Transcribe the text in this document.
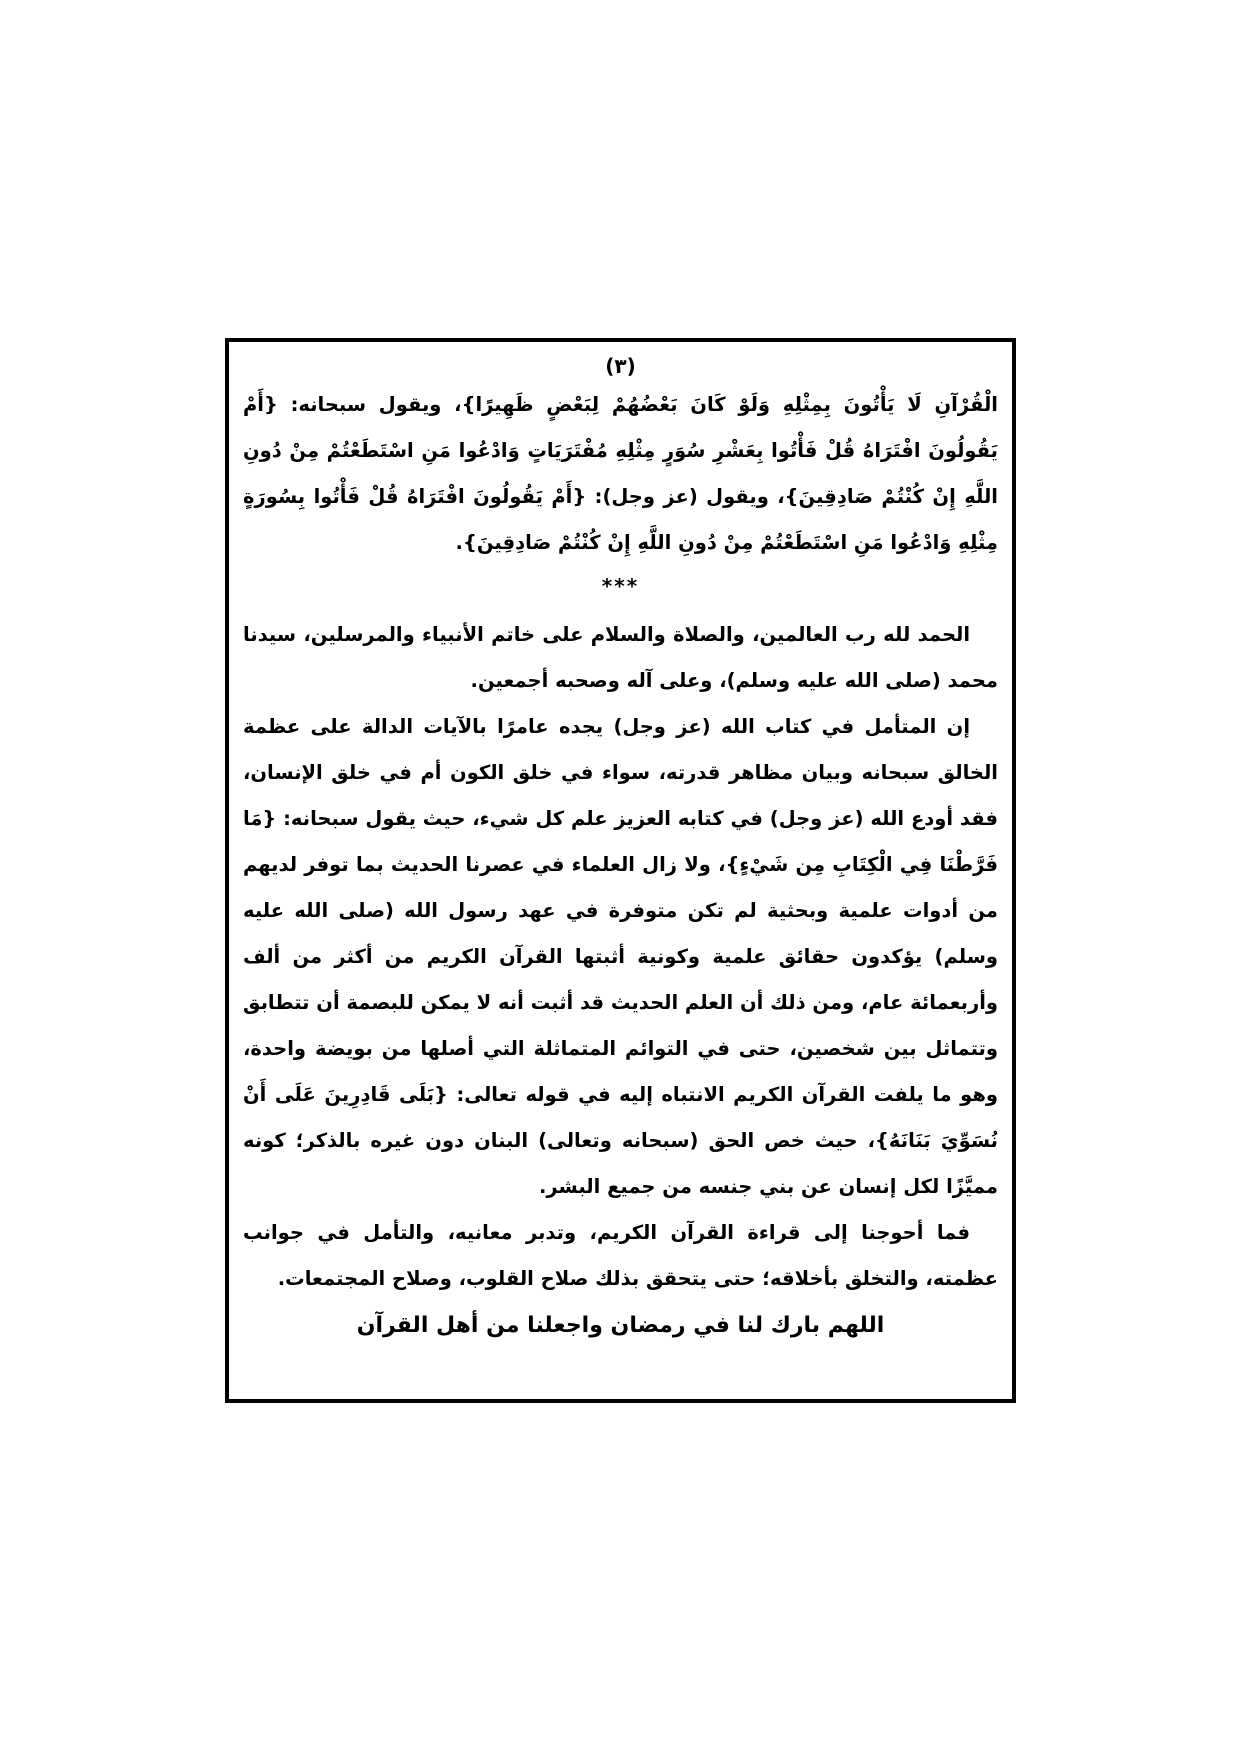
(٣)

الْقُرْآنِ لَا يَأْتُونَ بِمِثْلِهِ وَلَوْ كَانَ بَعْضُهُمْ لِبَعْضٍ ظَهِيرًا}، ويقول سبحانه: {أَمْ يَقُولُونَ افْتَرَاهُ قُلْ فَأْتُوا بِعَشْرِ سُوَرٍ مِثْلِهِ مُفْتَرَيَاتٍ وَادْعُوا مَنِ اسْتَطَعْتُمْ مِنْ دُونِ اللَّهِ إِنْ كُنْتُمْ صَادِقِينَ}، ويقول (عز وجل): {أَمْ يَقُولُونَ افْتَرَاهُ قُلْ فَأْتُوا بِسُورَةٍ مِثْلِهِ وَادْعُوا مَنِ اسْتَطَعْتُمْ مِنْ دُونِ اللَّهِ إِنْ كُنْتُمْ صَادِقِينَ}.

***

الحمد لله رب العالمين، والصلاة والسلام على خاتم الأنبياء والمرسلين، سيدنا محمد (صلى الله عليه وسلم)، وعلى آله وصحبه أجمعين.

إن المتأمل في كتاب الله (عز وجل) يجده عامرًا بالآيات الدالة على عظمة الخالق سبحانه وبيان مظاهر قدرته، سواء في خلق الكون أم في خلق الإنسان، فقد أودع الله (عز وجل) في كتابه العزيز علم كل شيء، حيث يقول سبحانه: {مَا فَرَّطْنَا فِي الْكِتَابِ مِن شَيْءٍ}، ولا زال العلماء في عصرنا الحديث بما توفر لديهم من أدوات علمية وبحثية لم تكن متوفرة في عهد رسول الله (صلى الله عليه وسلم) يؤكدون حقائق علمية وكونية أثبتها القرآن الكريم من أكثر من ألف وأربعمائة عام، ومن ذلك أن العلم الحديث قد أثبت أنه لا يمكن للبصمة أن تتطابق وتتماثل بين شخصين، حتى في التوائم المتماثلة التي أصلها من بويضة واحدة، وهو ما يلفت القرآن الكريم الانتباه إليه في قوله تعالى: {بَلَى قَادِرِينَ عَلَى أَنْ نُسَوِّيَ بَنَانَهُ}، حيث خص الحق (سبحانه وتعالى) البنان دون غيره بالذكر؛ كونه مميَّزًا لكل إنسان عن بني جنسه من جميع البشر.

فما أحوجنا إلى قراءة القرآن الكريم، وتدبر معانيه، والتأمل في جوانب عظمته، والتخلق بأخلاقه؛ حتى يتحقق بذلك صلاح القلوب، وصلاح المجتمعات.

اللهم بارك لنا في رمضان واجعلنا من أهل القرآن
